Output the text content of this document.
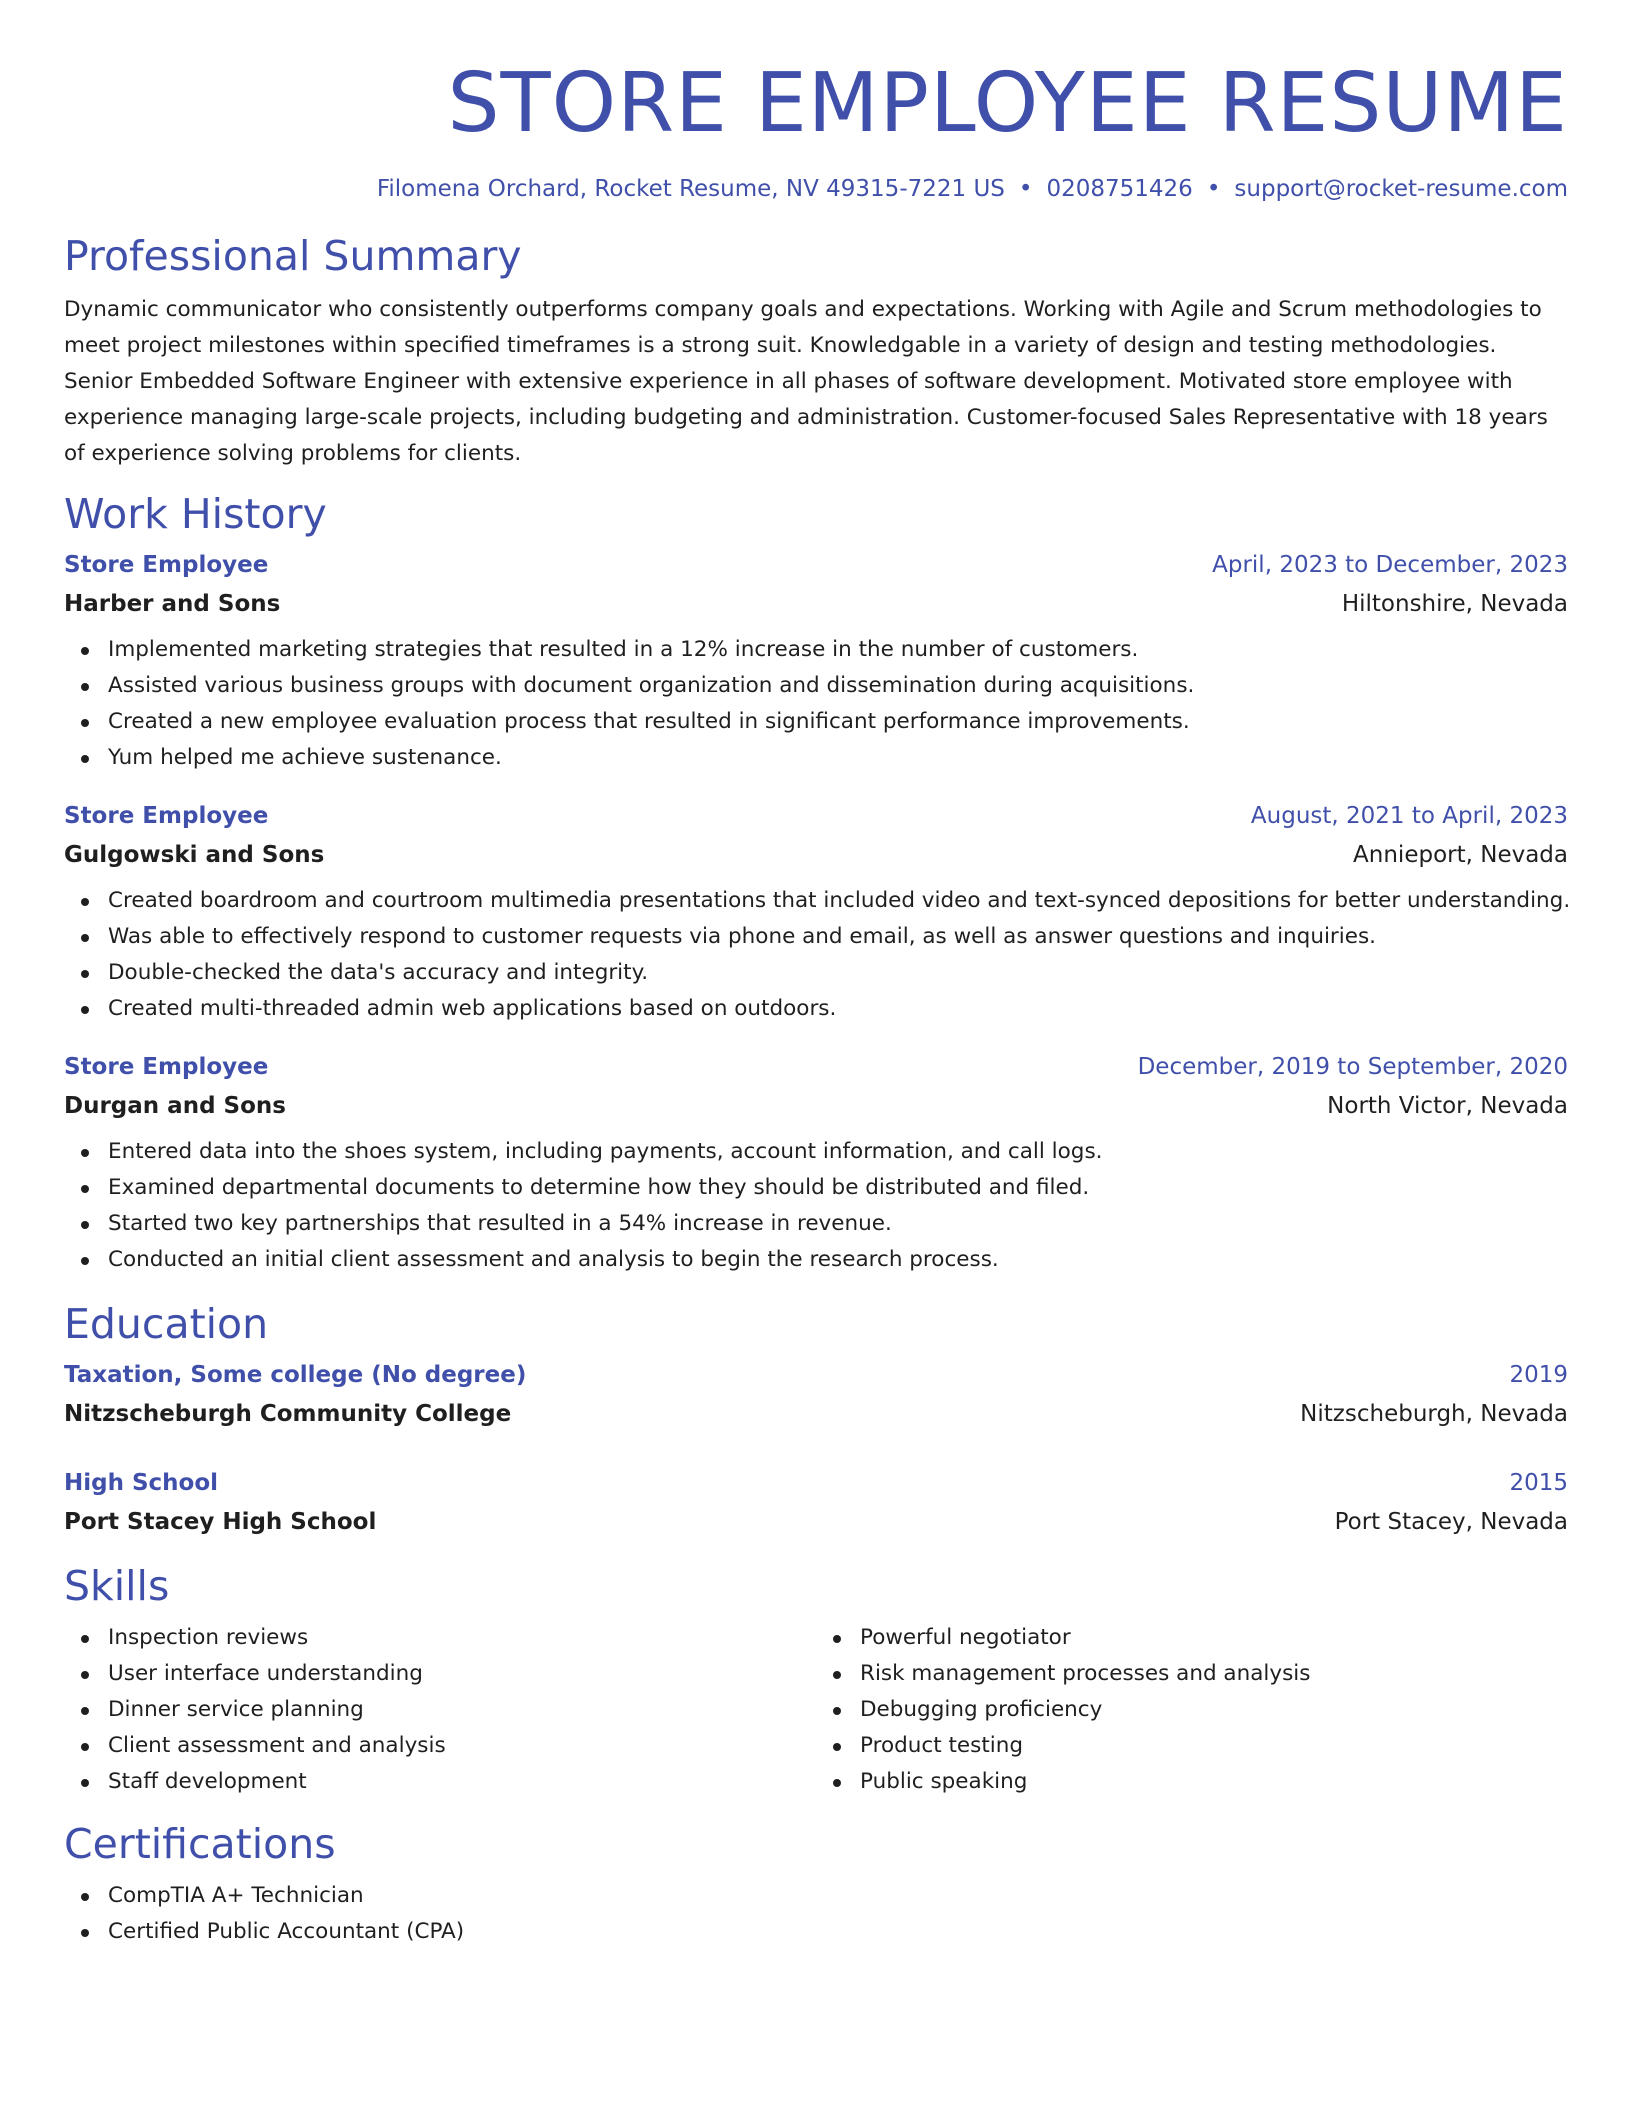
STORE EMPLOYEE RESUME
Filomena Orchard, Rocket Resume, NV 49315-7221 US • 0208751426 • support@rocket-resume.com
Professional Summary

Dynamic communicator who consistently outperforms company goals and expectations. Working with Agile and Scrum methodologies to meet project milestones within specified timeframes is a strong suit. Knowledgable in a variety of design and testing methodologies. Senior Embedded Software Engineer with extensive experience in all phases of software development. Motivated store employee with experience managing large-scale projects, including budgeting and administration. Customer-focused Sales Representative with 18 years of experience solving problems for clients.

Work History
Store Employee	April, 2023 to December, 2023
Harber and Sons	Hiltonshire, Nevada
Implemented marketing strategies that resulted in a 12% increase in the number of customers.
Assisted various business groups with document organization and dissemination during acquisitions.
Created a new employee evaluation process that resulted in significant performance improvements.
Yum helped me achieve sustenance.
Store Employee	August, 2021 to April, 2023
Gulgowski and Sons	Annieport, Nevada
Created boardroom and courtroom multimedia presentations that included video and text-synced depositions for better understanding.
Was able to effectively respond to customer requests via phone and email, as well as answer questions and inquiries.
Double-checked the data's accuracy and integrity.
Created multi-threaded admin web applications based on outdoors.
Store Employee	December, 2019 to September, 2020
Durgan and Sons	North Victor, Nevada
Entered data into the shoes system, including payments, account information, and call logs.
Examined departmental documents to determine how they should be distributed and filed.
Started two key partnerships that resulted in a 54% increase in revenue.
Conducted an initial client assessment and analysis to begin the research process.
Education
Taxation, Some college (No degree)	2019
Nitzscheburgh Community College	Nitzscheburgh, Nevada
High School	2015
Port Stacey High School	Port Stacey, Nevada
Skills
Inspection reviews
User interface understanding
Dinner service planning
Client assessment and analysis
Staff development
Powerful negotiator
Risk management processes and analysis
Debugging proficiency
Product testing
Public speaking
Certifications
CompTIA A+ Technician
Certified Public Accountant (CPA)
